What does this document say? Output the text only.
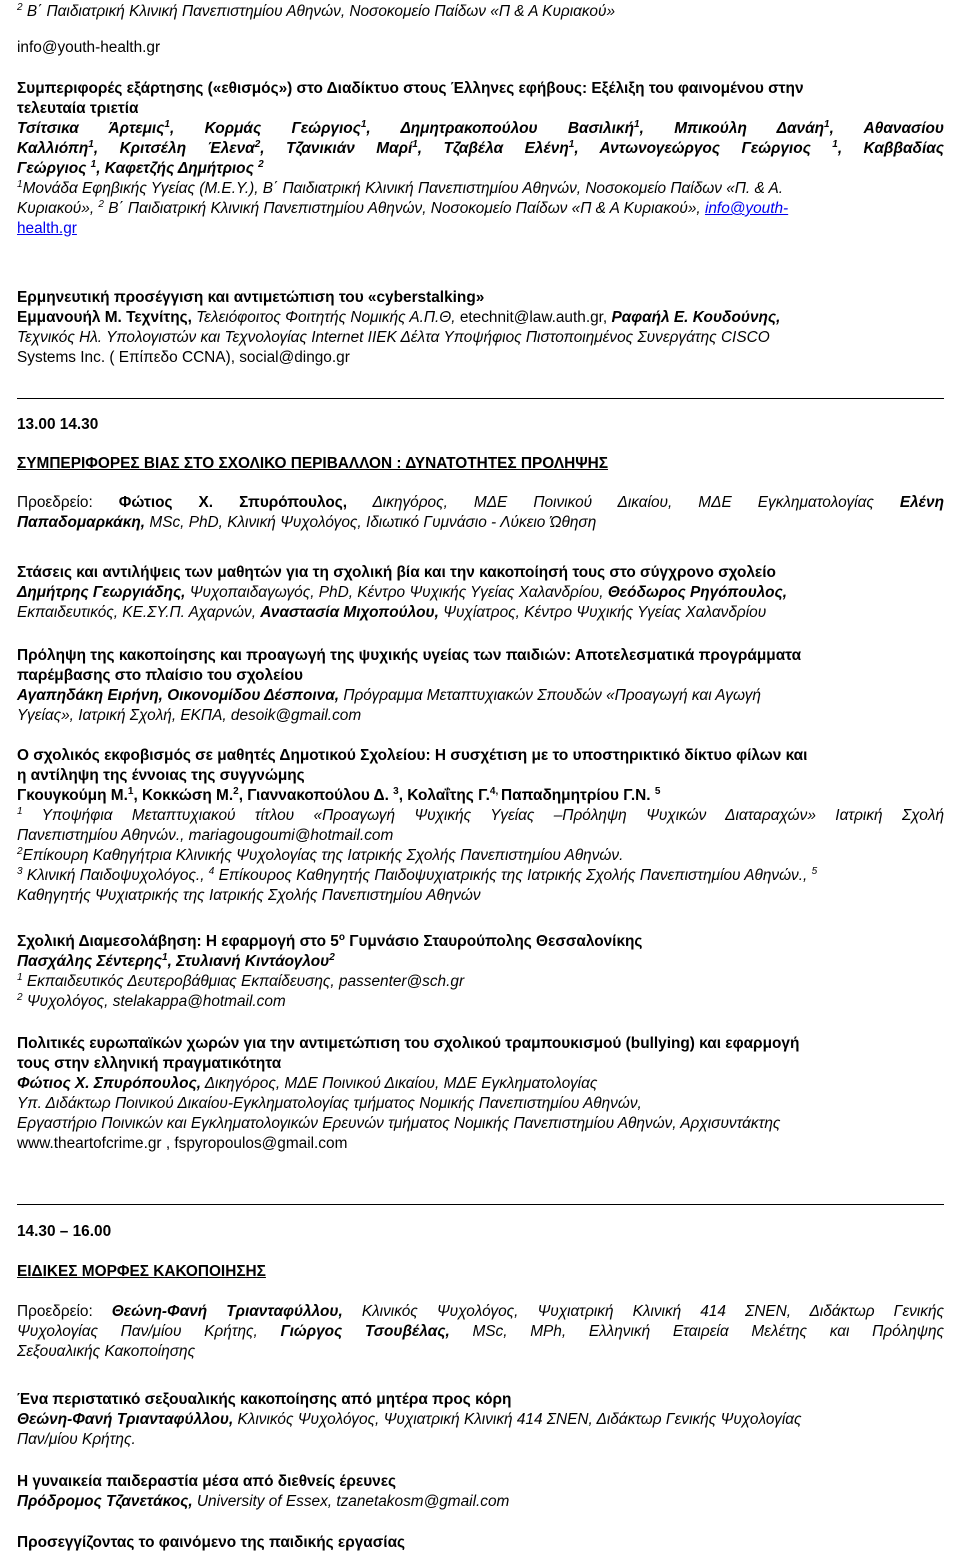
$^2$ Β΄ Παιδιατρική Κλινική Πανεπιστημίου Αθηνών, Νοσοκομείο Παίδων «Π & Α Κυριακού»
info@youth-health.gr
Συμπεριφορές εξάρτησης («εθισμός») στο Διαδίκτυο στους Έλληνες εφήβους: Εξέλιξη του φαινομένου στην
τελευταία τριετία
Τσίτσικα Άρτεμις$^1$, Κορμάς Γεώργιος$^1$, Δημητρακοπούλου Βασιλική$^1$, Μπικούλη Δανάη$^1$, Αθανασίου
Καλλιόπη$^1$, Κριτσέλη Έλενα$^2$, Τζανικιάν Μαρί$^1$, Τζαβέλα Ελένη$^1$, Αντωνογεώργος Γεώργιος $^1$, Καββαδίας
Γεώργιος $^1$, Καφετζής Δημήτριος $^2$
$^1$Μονάδα Εφηβικής Υγείας (Μ.Ε.Υ.), Β΄ Παιδιατρική Κλινική Πανεπιστημίου Αθηνών, Νοσοκομείο Παίδων «Π. & Α.
Κυριακού», $^2$ Β΄ Παιδιατρική Κλινική Πανεπιστημίου Αθηνών, Νοσοκομείο Παίδων «Π & Α Κυριακού», info@youth-
health.gr
Ερμηνευτική προσέγγιση και αντιμετώπιση του «cyberstalking»
Εμμανουήλ Μ. Τεχνίτης, Τελειόφοιτος Φοιτητής Νομικής Α.Π.Θ, etechnit@law.auth.gr, Ραφαήλ Ε. Κουδούνης,
Τεχνικός Ηλ. Υπολογιστών και Τεχνολογίας Internet ΙΙΕΚ Δέλτα Υποψήφιος Πιστοποιημένος Συνεργάτης CISCO
Systems Inc. ( Επίπεδο CCNA), social@dingo.gr
13.00 14.30
ΣΥΜΠΕΡΙΦΟΡΕΣ ΒΙΑΣ ΣΤΟ ΣΧΟΛΙΚΟ ΠΕΡΙΒΑΛΛΟΝ : ΔΥΝΑΤΟΤΗΤΕΣ ΠΡΟΛΗΨΗΣ
Προεδρείο: Φώτιος Χ. Σπυρόπουλος, Δικηγόρος, ΜΔΕ Ποινικού Δικαίου, ΜΔΕ Εγκληματολογίας Ελένη
Παπαδομαρκάκη, MSc, PhD, Κλινική Ψυχολόγος, Ιδιωτικό Γυμνάσιο - Λύκειο Ώθηση
Στάσεις και αντιλήψεις των μαθητών για τη σχολική βία και την κακοποίησή τους στο σύγχρονο σχολείο
Δημήτρης Γεωργιάδης, Ψυχοπαιδαγωγός, PhD, Κέντρο Ψυχικής Υγείας Χαλανδρίου, Θεόδωρος Ρηγόπουλος,
Εκπαιδευτικός, ΚΕ.ΣΥ.Π. Αχαρνών, Αναστασία Μιχοπούλου, Ψυχίατρος, Κέντρο Ψυχικής Υγείας Χαλανδρίου
Πρόληψη της κακοποίησης και προαγωγή της ψυχικής υγείας των παιδιών: Αποτελεσματικά προγράμματα
παρέμβασης στο πλαίσιο του σχολείου
Αγαπηδάκη Ειρήνη, Οικονομίδου Δέσποινα, Πρόγραμμα Μεταπτυχιακών Σπουδών «Προαγωγή και Αγωγή
Υγείας», Ιατρική Σχολή, ΕΚΠΑ, desoik@gmail.com
Ο σχολικός εκφοβισμός σε μαθητές Δημοτικού Σχολείου: Η συσχέτιση με το υποστηρικτικό δίκτυο φίλων και
η αντίληψη της έννοιας της συγγνώμης
Γκουγκούμη Μ.$^1$, Κοκκώση Μ.$^2$, Γιαννακοπούλου Δ. $^3$, Κολαΐτης Γ.$^{4,}$ Παπαδημητρίου Γ.Ν. $^5$
$^1$ Υποψήφια Μεταπτυχιακού τίτλου «Προαγωγή Ψυχικής Υγείας –Πρόληψη Ψυχικών Διαταραχών» Ιατρική Σχολή
Πανεπιστημίου Αθηνών., mariagougoumi@hotmail.com
$^2$Επίκουρη Καθηγήτρια Κλινικής Ψυχολογίας της Ιατρικής Σχολής Πανεπιστημίου Αθηνών.
$^3$ Κλινική Παιδοψυχολόγος., $^4$ Επίκουρος Καθηγητής Παιδοψυχιατρικής της Ιατρικής Σχολής Πανεπιστημίου Αθηνών., $^5$
Καθηγητής Ψυχιατρικής της Ιατρικής Σχολής Πανεπιστημίου Αθηνών
Σχολική Διαμεσολάβηση: Η εφαρμογή στο $5^o$ Γυμνάσιο Σταυρούπολης Θεσσαλονίκης
Πασχάλης Σέντερης$^1$, Στυλιανή Κιντάογλου$^2$
$^1$ Εκπαιδευτικός Δευτεροβάθμιας Εκπαίδευσης, passenter@sch.gr
$^2$ Ψυχολόγος, stelakappa@hotmail.com
Πολιτικές ευρωπαϊκών χωρών για την αντιμετώπιση του σχολικού τραμπουκισμού (bullying) και εφαρμογή
τους στην ελληνική πραγματικότητα
Φώτιος Χ. Σπυρόπουλος, Δικηγόρος, ΜΔΕ Ποινικού Δικαίου, ΜΔΕ Εγκληματολογίας
Υπ. Διδάκτωρ Ποινικού Δικαίου-Εγκληματολογίας τμήματος Νομικής Πανεπιστημίου Αθηνών,
Εργαστήριο Ποινικών και Εγκληματολογικών Ερευνών τμήματος Νομικής Πανεπιστημίου Αθηνών, Αρχισυντάκτης
www.theartofcrime.gr , fspyropoulos@gmail.com
14.30 – 16.00
ΕΙΔΙΚΕΣ ΜΟΡΦΕΣ ΚΑΚΟΠΟΙΗΣΗΣ
Προεδρείο: Θεώνη-Φανή Τριανταφύλλου, Κλινικός Ψυχολόγος, Ψυχιατρική Κλινική 414 ΣΝΕΝ, Διδάκτωρ Γενικής
Ψυχολογίας Παν/μίου Κρήτης, Γιώργος Τσουβέλας, MSc, MPh, Ελληνική Εταιρεία Μελέτης και Πρόληψης
Σεξουαλικής Κακοποίησης
Ένα περιστατικό σεξουαλικής κακοποίησης από μητέρα προς κόρη
Θεώνη-Φανή Τριανταφύλλου, Κλινικός Ψυχολόγος, Ψυχιατρική Κλινική 414 ΣΝΕΝ, Διδάκτωρ Γενικής Ψυχολογίας
Παν/μίου Κρήτης.
Η γυναικεία παιδεραστία μέσα από διεθνείς έρευνες
Πρόδρομος Τζανετάκος, University of Essex, tzanetakosm@gmail.com
Προσεγγίζοντας το φαινόμενο της παιδικής εργασίας
